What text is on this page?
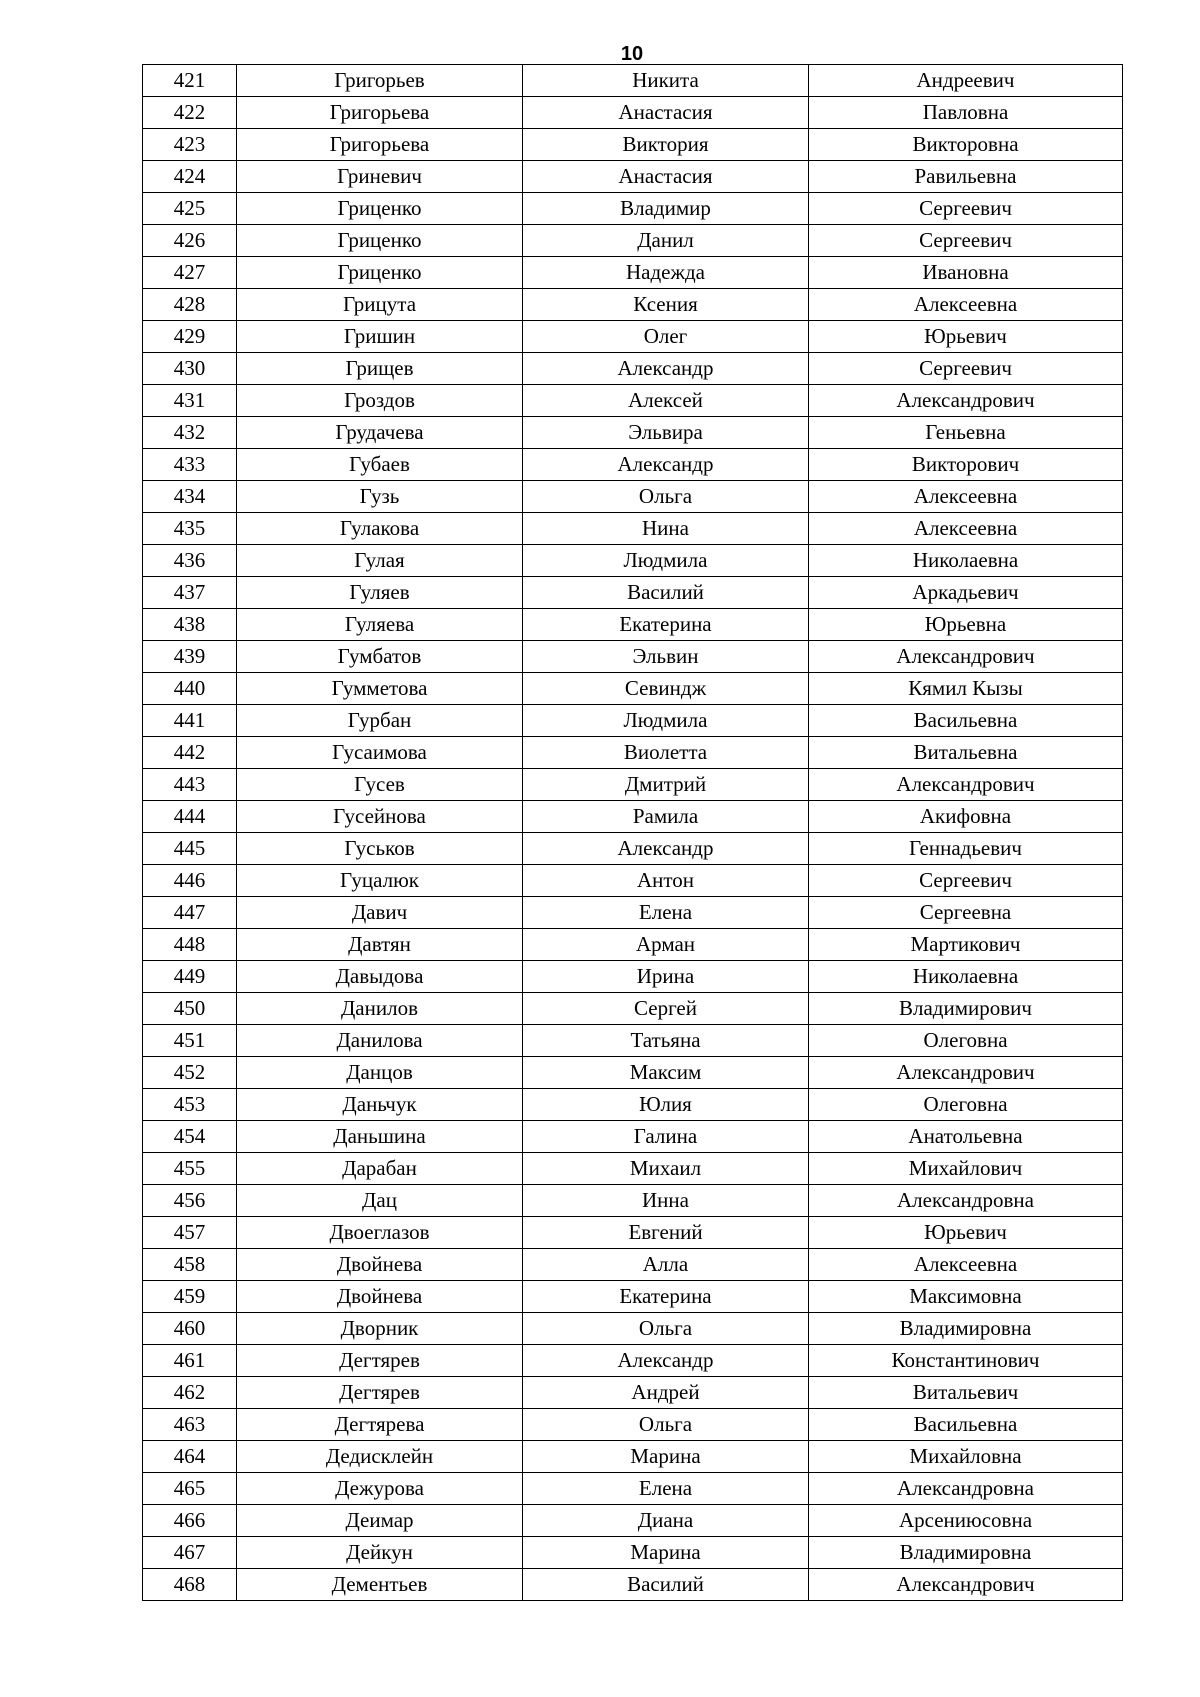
10
421	Григорьев	Никита	Андреевич
422	Григорьева	Анастасия	Павловна
423	Григорьева	Виктория	Викторовна
424	Гриневич	Анастасия	Равильевна
425	Гриценко	Владимир	Сергеевич
426	Гриценко	Данил	Сергеевич
427	Гриценко	Надежда	Ивановна
428	Грицута	Ксения	Алексеевна
429	Гришин	Олег	Юрьевич
430	Грищев	Александр	Сергеевич
431	Гроздов	Алексей	Александрович
432	Грудачева	Эльвира	Геньевна
433	Губаев	Александр	Викторович
434	Гузь	Ольга	Алексеевна
435	Гулакова	Нина	Алексеевна
436	Гулая	Людмила	Николаевна
437	Гуляев	Василий	Аркадьевич
438	Гуляева	Екатерина	Юрьевна
439	Гумбатов	Эльвин	Александрович
440	Гумметова	Севиндж	Кямил Кызы
441	Гурбан	Людмила	Васильевна
442	Гусаимова	Виолетта	Витальевна
443	Гусев	Дмитрий	Александрович
444	Гусейнова	Рамила	Акифовна
445	Гуськов	Александр	Геннадьевич
446	Гуцалюк	Антон	Сергеевич
447	Давич	Елена	Сергеевна
448	Давтян	Арман	Мартикович
449	Давыдова	Ирина	Николаевна
450	Данилов	Сергей	Владимирович
451	Данилова	Татьяна	Олеговна
452	Данцов	Максим	Александрович
453	Даньчук	Юлия	Олеговна
454	Даньшина	Галина	Анатольевна
455	Дарабан	Михаил	Михайлович
456	Дац	Инна	Александровна
457	Двоеглазов	Евгений	Юрьевич
458	Двойнева	Алла	Алексеевна
459	Двойнева	Екатерина	Максимовна
460	Дворник	Ольга	Владимировна
461	Дегтярев	Александр	Константинович
462	Дегтярев	Андрей	Витальевич
463	Дегтярева	Ольга	Васильевна
464	Дедисклейн	Марина	Михайловна
465	Дежурова	Елена	Александровна
466	Деимар	Диана	Арсениюсовна
467	Дейкун	Марина	Владимировна
468	Дементьев	Василий	Александрович
